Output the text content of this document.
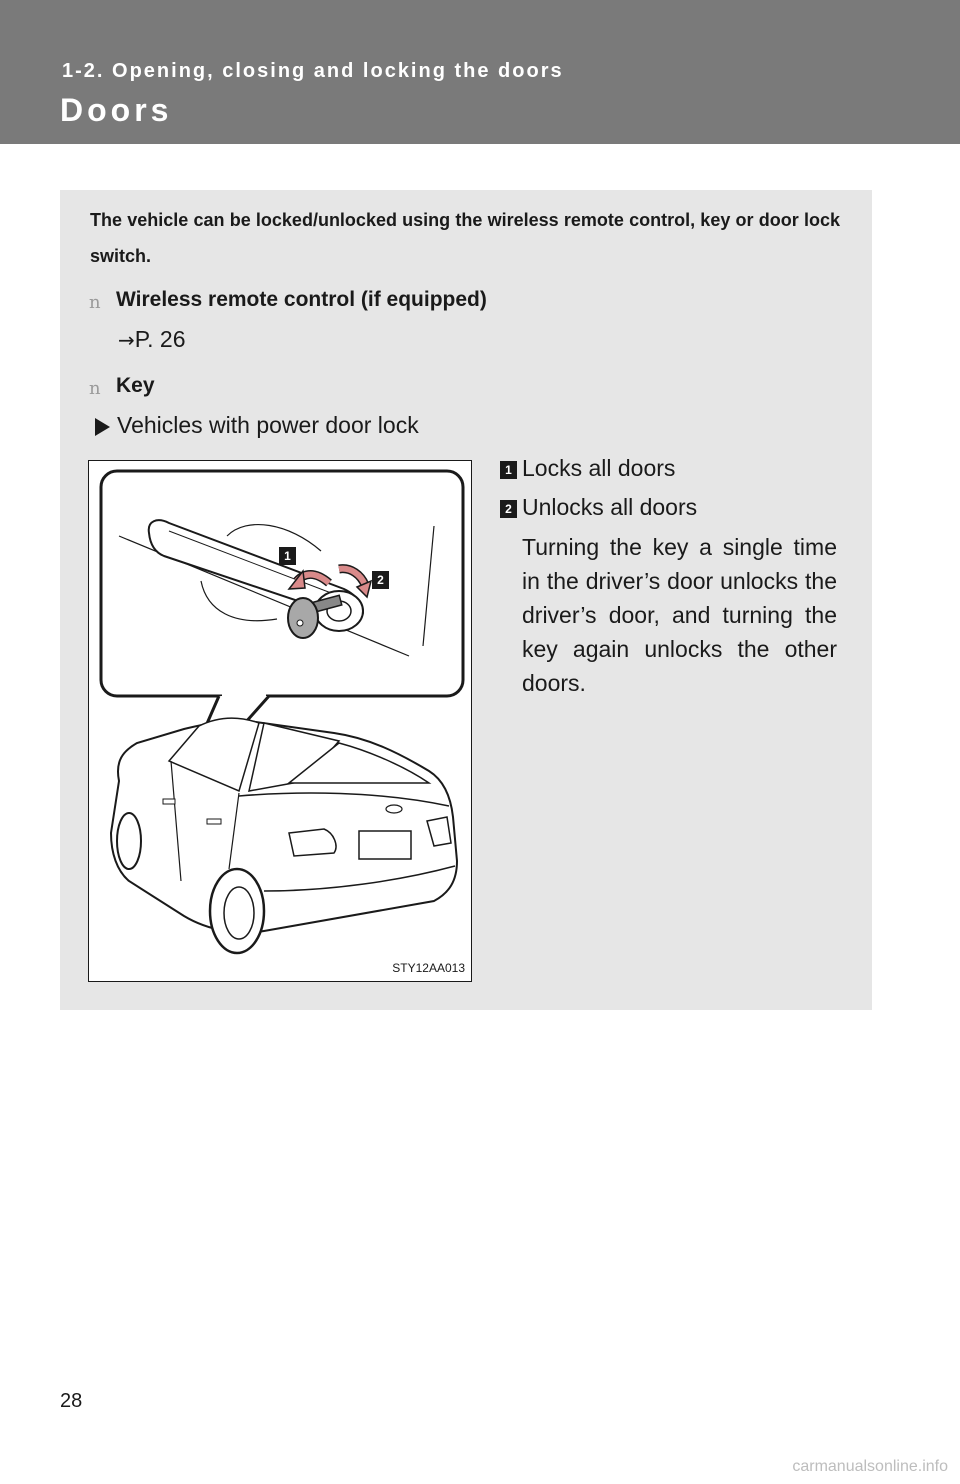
1-2. Opening, closing and locking the doors
Doors
The vehicle can be locked/unlocked using the wireless remote control, key or door lock switch.
n Wireless remote control (if equipped)
→P. 26
n Key
Vehicles with power door lock
1
2
STY12AA013
1 Locks all doors
2 Unlocks all doors
Turning the key a single time in the driver’s door unlocks the driver’s door, and turning the key again unlocks the other doors.
28
carmanualsonline.info
